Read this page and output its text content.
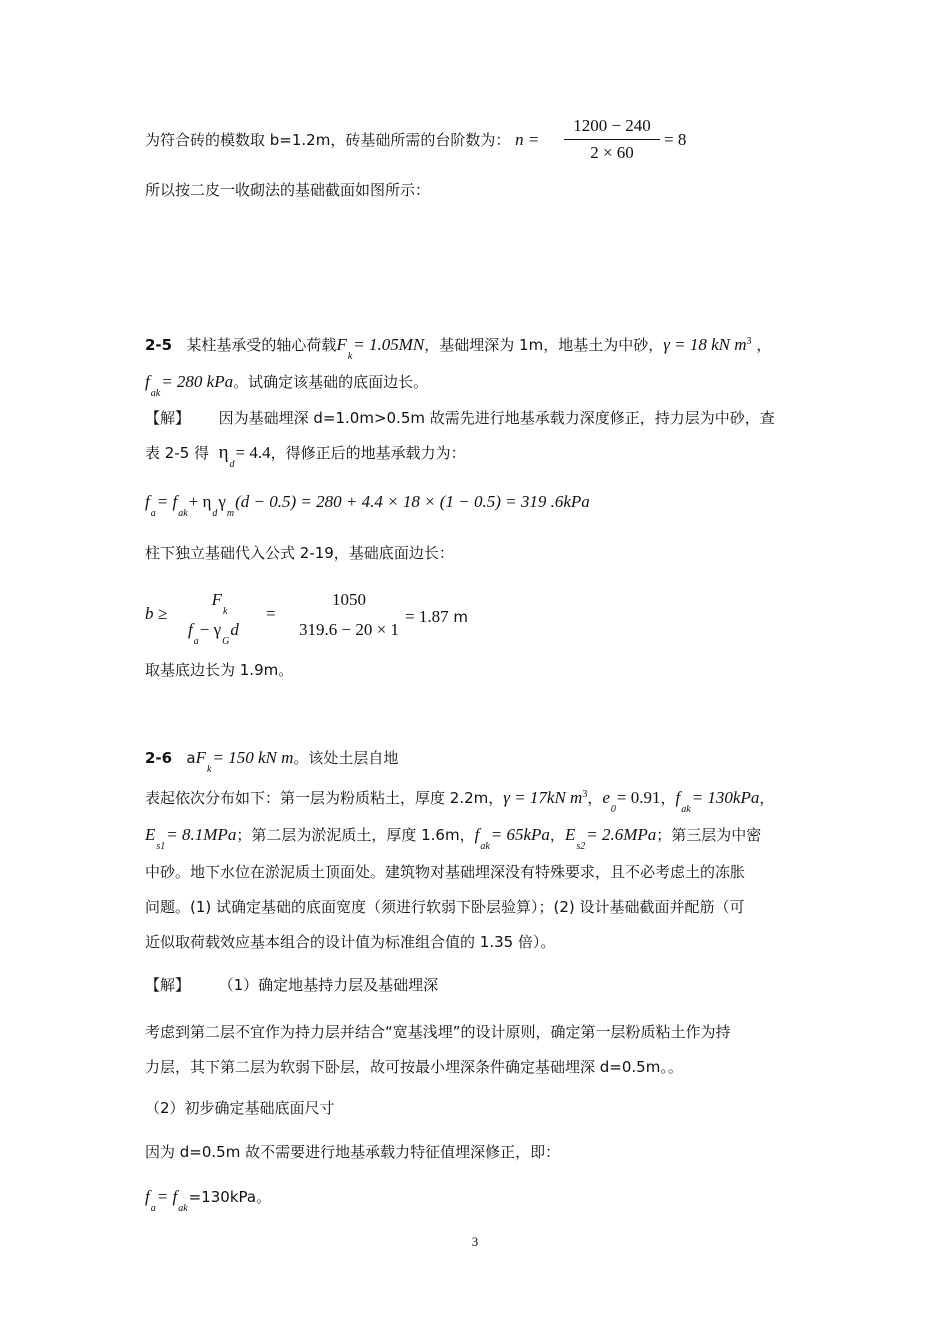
为符合砖的模数取 b=1.2m，砖基础所需的台阶数为： n =
1200 − 240
2 × 60
= 8
所以按二皮一收砌法的基础截面如图所示：
2-5 某柱基承受的轴心荷载$F_k= 1.05MN$，基础埋深为 1m，地基土为中砂，γ = 18 kN $m^3$ ，
$f_{ak}= 280$ kPa。试确定该基础的底面边长。
【解】 因为基础埋深 d=1.0m>0.5m 故需先进行地基承载力深度修正，持力层为中砂，查
表 2-5 得 $\eta_d= 4.4$，得修正后的地基承载力为：
$f_a= f_{ak}+ \eta_d\gamma_m(d - 0.5) = 280 + 4.4 \times 18 \times (1 - 0.5) = 319$ .6kPa
柱下独立基础代入公式 2-19，基础底面边长：
b ≥
$F_k$
$f_a- \gamma_Gd$
=
1050
319.6 − 20 × 1
= 1.87 m
取基底边长为 1.9m。
2-6 $aF_k= 150$ kN m。该处土层自地
表起依次分布如下：第一层为粉质粘土，厚度 2.2m，γ = 17kN $m^3$，$e_0= 0.91$，$f_{ak}= 130kPa$，
$E_{s1}= 8.1MPa$；第二层为淤泥质土，厚度 1.6m，$f_{ak}= 65kPa$，$E_{s2}= 2.6MPa$；第三层为中密
中砂。地下水位在淤泥质土顶面处。建筑物对基础埋深没有特殊要求，且不必考虑土的冻胀
问题。(1) 试确定基础的底面宽度（须进行软弱下卧层验算）；(2) 设计基础截面并配筋（可
近似取荷载效应基本组合的设计值为标准组合值的 1.35 倍）。
【解】 （1）确定地基持力层及基础埋深
考虑到第二层不宜作为持力层并结合“宽基浅埋”的设计原则，确定第一层粉质粘土作为持
力层，其下第二层为软弱下卧层，故可按最小埋深条件确定基础埋深 d=0.5m。。
（2）初步确定基础底面尺寸
因为 d=0.5m 故不需要进行地基承载力特征值埋深修正，即：
$f_a= f_{ak}=130kPa$。
3
